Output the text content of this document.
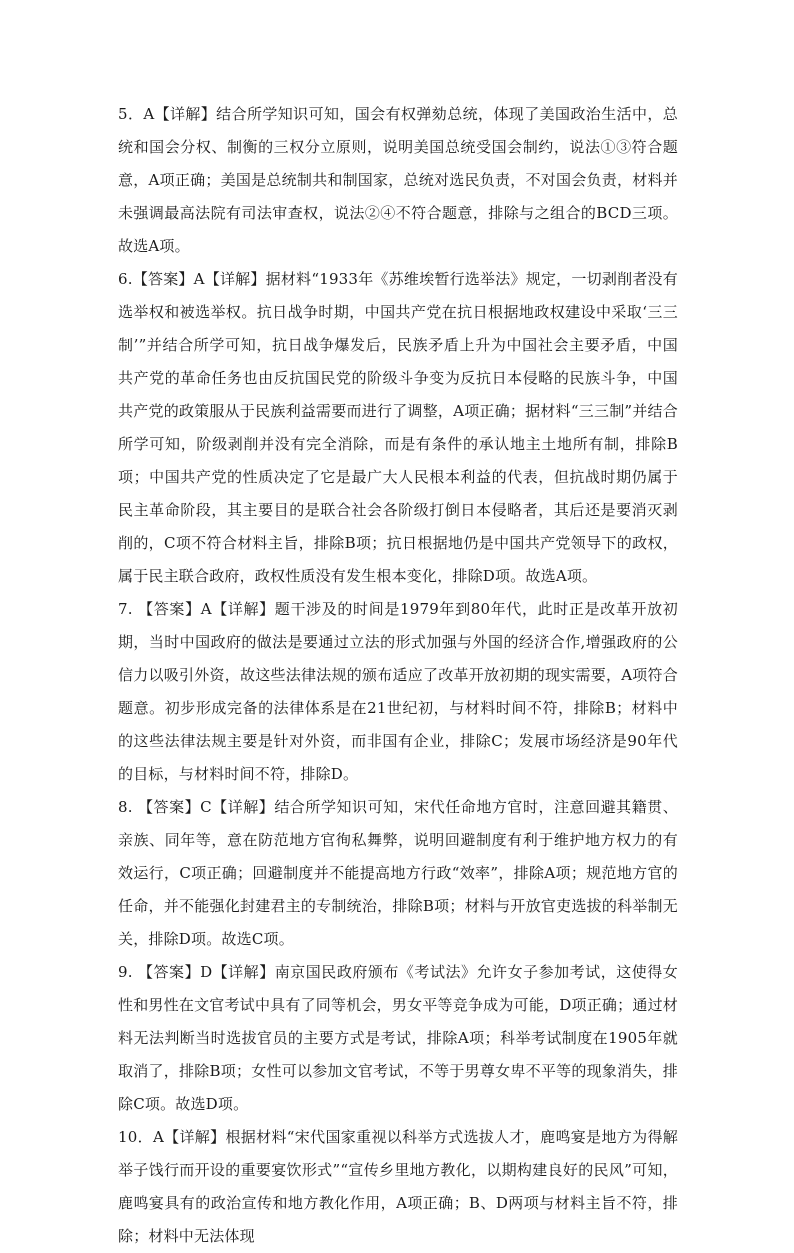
5．A【详解】结合所学知识可知，国会有权弹劾总统，体现了美国政治生活中，总统和国会分权、制衡的三权分立原则，说明美国总统受国会制约，说法①③符合题意，A项正确；美国是总统制共和制国家，总统对选民负责，不对国会负责，材料并未强调最高法院有司法审查权，说法②④不符合题意，排除与之组合的BCD三项。 故选A项。

6.【答案】A【详解】据材料“1933年《苏维埃暂行选举法》规定，一切剥削者没有选举权和被选举权。抗日战争时期，中国共产党在抗日根据地政权建设中采取‘三三制’”并结合所学可知，抗日战争爆发后，民族矛盾上升为中国社会主要矛盾，中国共产党的革命任务也由反抗国民党的阶级斗争变为反抗日本侵略的民族斗争，中国共产党的政策服从于民族利益需要而进行了调整，A项正确；据材料“三三制”并结合所学可知，阶级剥削并没有完全消除，而是有条件的承认地主土地所有制，排除B项；中国共产党的性质决定了它是最广大人民根本利益的代表，但抗战时期仍属于民主革命阶段，其主要目的是联合社会各阶级打倒日本侵略者，其后还是要消灭剥削的，C项不符合材料主旨，排除B项；抗日根据地仍是中国共产党领导下的政权，属于民主联合政府，政权性质没有发生根本变化，排除D项。故选A项。

7. 【答案】A【详解】题干涉及的时间是1979年到80年代，此时正是改革开放初期，当时中国政府的做法是要通过立法的形式加强与外国的经济合作,增强政府的公信力以吸引外资，故这些法律法规的颁布适应了改革开放初期的现实需要，A项符合题意。初步形成完备的法律体系是在21世纪初，与材料时间不符，排除B；材料中的这些法律法规主要是针对外资，而非国有企业，排除C；发展市场经济是90年代的目标，与材料时间不符，排除D。

8. 【答案】C【详解】结合所学知识可知，宋代任命地方官时，注意回避其籍贯、亲族、同年等，意在防范地方官徇私舞弊，说明回避制度有利于维护地方权力的有效运行，C项正确；回避制度并不能提高地方行政“效率”，排除A项；规范地方官的任命，并不能强化封建君主的专制统治，排除B项；材料与开放官吏选拔的科举制无关，排除D项。故选C项。

9. 【答案】D【详解】南京国民政府颁布《考试法》允许女子参加考试，这使得女性和男性在文官考试中具有了同等机会，男女平等竞争成为可能，D项正确；通过材料无法判断当时选拔官员的主要方式是考试，排除A项；科举考试制度在1905年就取消了，排除B项；女性可以参加文官考试，不等于男尊女卑不平等的现象消失，排除C项。故选D项。

10．A【详解】根据材料“宋代国家重视以科举方式选拔人才，鹿鸣宴是地方为得解举子饯行而开设的重要宴饮形式”“宣传乡里地方教化，以期构建良好的民风”可知，鹿鸣宴具有的政治宣传和地方教化作用，A项正确；B、D两项与材料主旨不符，排除；材料中无法体现
